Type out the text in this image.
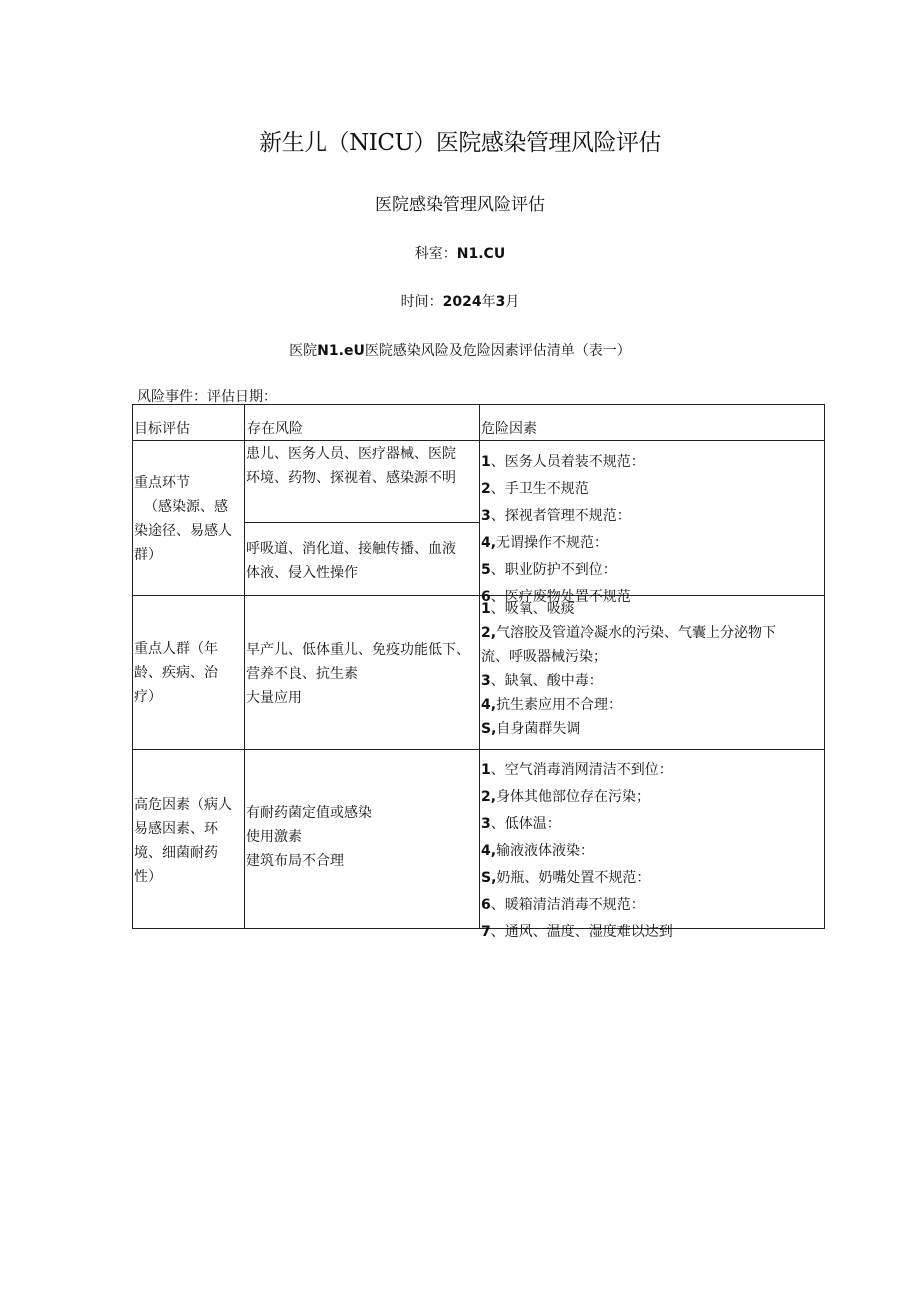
新生儿（NICU）医院感染管理风险评估
医院感染管理风险评估
科室：N1.CU
时间：2024年3月
医院N1.eU医院感染风险及危险因素评估清单（表一）
风险事件：评估日期：
目标评估	存在风险	危险因素
重点环节
（感染源、感
染途径、易感人
群）
患儿、医务人员、医疗器械、医院
环境、药物、探视着、感染源不明
呼吸道、消化道、接触传播、血液
体液、侵入性操作
1、医务人员着装不规范：
2、手卫生不规范
3、探视者管理不规范：
4,无谓操作不规范：
5、职业防护不到位：
6、医疗废物处置不规范
重点人群（年
龄、疾病、治
疗）
早产儿、低体重儿、免疫功能低下、
营养不良、抗生素
大量应用
1、吸氧、吸痰
2,气溶胶及管道冷凝水的污染、气囊上分泌物下
流、呼吸器械污染；
3、缺氧、酸中毒：
4,抗生素应用不合理：
S,自身菌群失调
高危因素（病人
易感因素、环
境、细菌耐药
性）
有耐药菌定值或感染
使用激素
建筑布局不合理
1、空气消毒消网清洁不到位：
2,身体其他部位存在污染；
3、低体温：
4,输液液体液染：
S,奶瓶、奶嘴处置不规范：
6、暖箱清洁消毒不规范：
7、通风、温度、湿度难以达到
